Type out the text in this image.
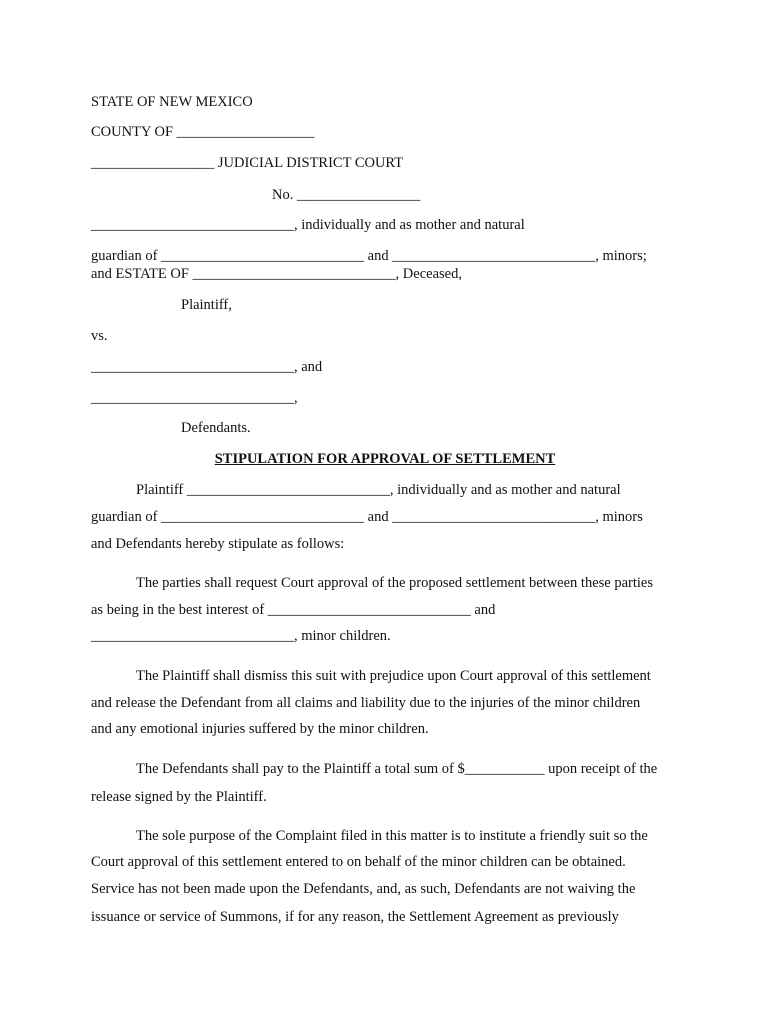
STATE OF NEW MEXICO
COUNTY OF ___________________
_________________ JUDICIAL DISTRICT COURT
No. _________________
____________________________, individually and as mother and natural
guardian of ____________________________ and ____________________________, minors;
and ESTATE OF ____________________________, Deceased,
Plaintiff,
vs.
____________________________, and
____________________________,
Defendants.
STIPULATION FOR APPROVAL OF SETTLEMENT
Plaintiff ____________________________, individually and as mother and natural
guardian of ____________________________ and ____________________________, minors
and Defendants hereby stipulate as follows:
The parties shall request Court approval of the proposed settlement between these parties
as being in the best interest of ____________________________ and
____________________________, minor children.
The Plaintiff shall dismiss this suit with prejudice upon Court approval of this settlement
and release the Defendant from all claims and liability due to the injuries of the minor children
and any emotional injuries suffered by the minor children.
The Defendants shall pay to the Plaintiff a total sum of $___________ upon receipt of the
release signed by the Plaintiff.
The sole purpose of the Complaint filed in this matter is to institute a friendly suit so the
Court approval of this settlement entered to on behalf of the minor children can be obtained.
Service has not been made upon the Defendants, and, as such, Defendants are not waiving the
issuance or service of Summons, if for any reason, the Settlement Agreement as previously
